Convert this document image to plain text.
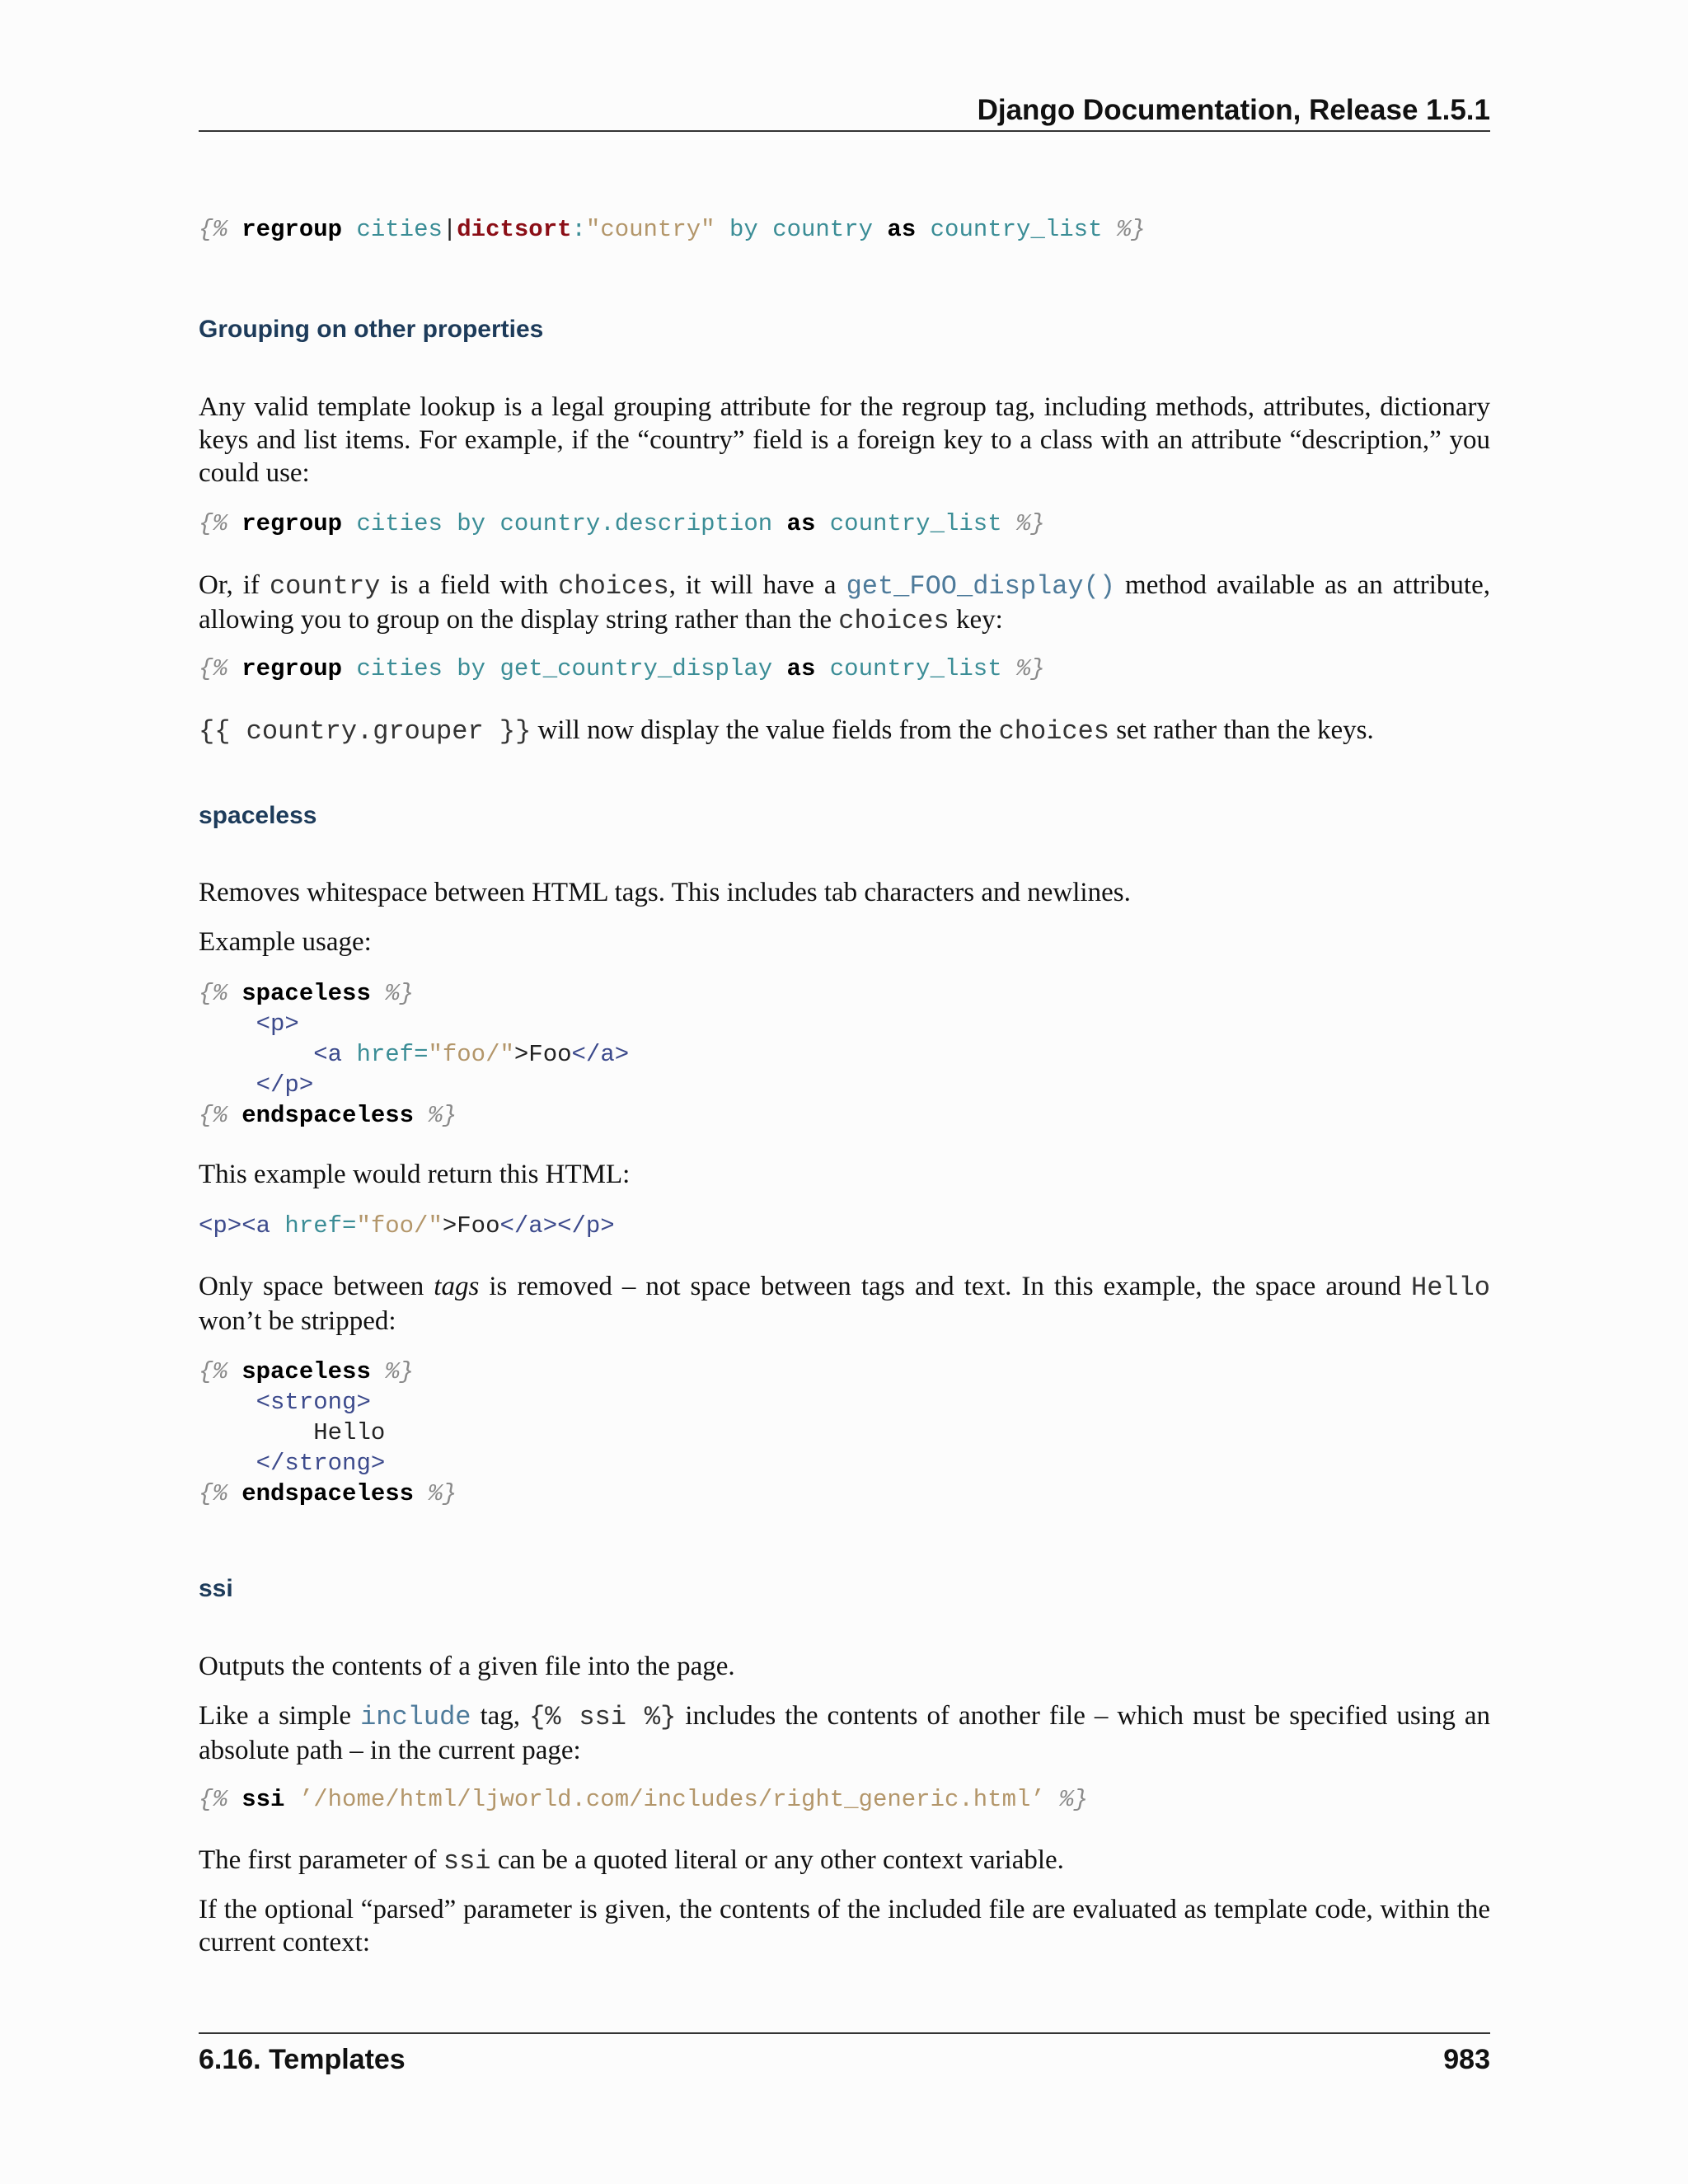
Django Documentation, Release 1.5.1
{% regroup cities|dictsort:"country" by country as country_list %}
Grouping on other properties

Any valid template lookup is a legal grouping attribute for the regroup tag, including methods, attributes, dictionary keys and list items. For example, if the “country” field is a foreign key to a class with an attribute “description,” you could use:

{% regroup cities by country.description as country_list %}

Or, if country is a field with choices, it will have a get_FOO_display() method available as an attribute, allowing you to group on the display string rather than the choices key:

{% regroup cities by get_country_display as country_list %}

{{ country.grouper }} will now display the value fields from the choices set rather than the keys.

spaceless

Removes whitespace between HTML tags. This includes tab characters and newlines.

Example usage:

{% spaceless %}
<p>
<a href="foo/">Foo</a>
</p>
{% endspaceless %}

This example would return this HTML:

<p><a href="foo/">Foo</a></p>

Only space between tags is removed – not space between tags and text. In this example, the space around Hello won’t be stripped:

{% spaceless %}
<strong>
Hello
</strong>
{% endspaceless %}
ssi

Outputs the contents of a given file into the page.

Like a simple include tag, {% ssi %} includes the contents of another file – which must be specified using an absolute path – in the current page:

{% ssi ’/home/html/ljworld.com/includes/right_generic.html’ %}

The first parameter of ssi can be a quoted literal or any other context variable.

If the optional “parsed” parameter is given, the contents of the included file are evaluated as template code, within the current context:

6.16. Templates	983
